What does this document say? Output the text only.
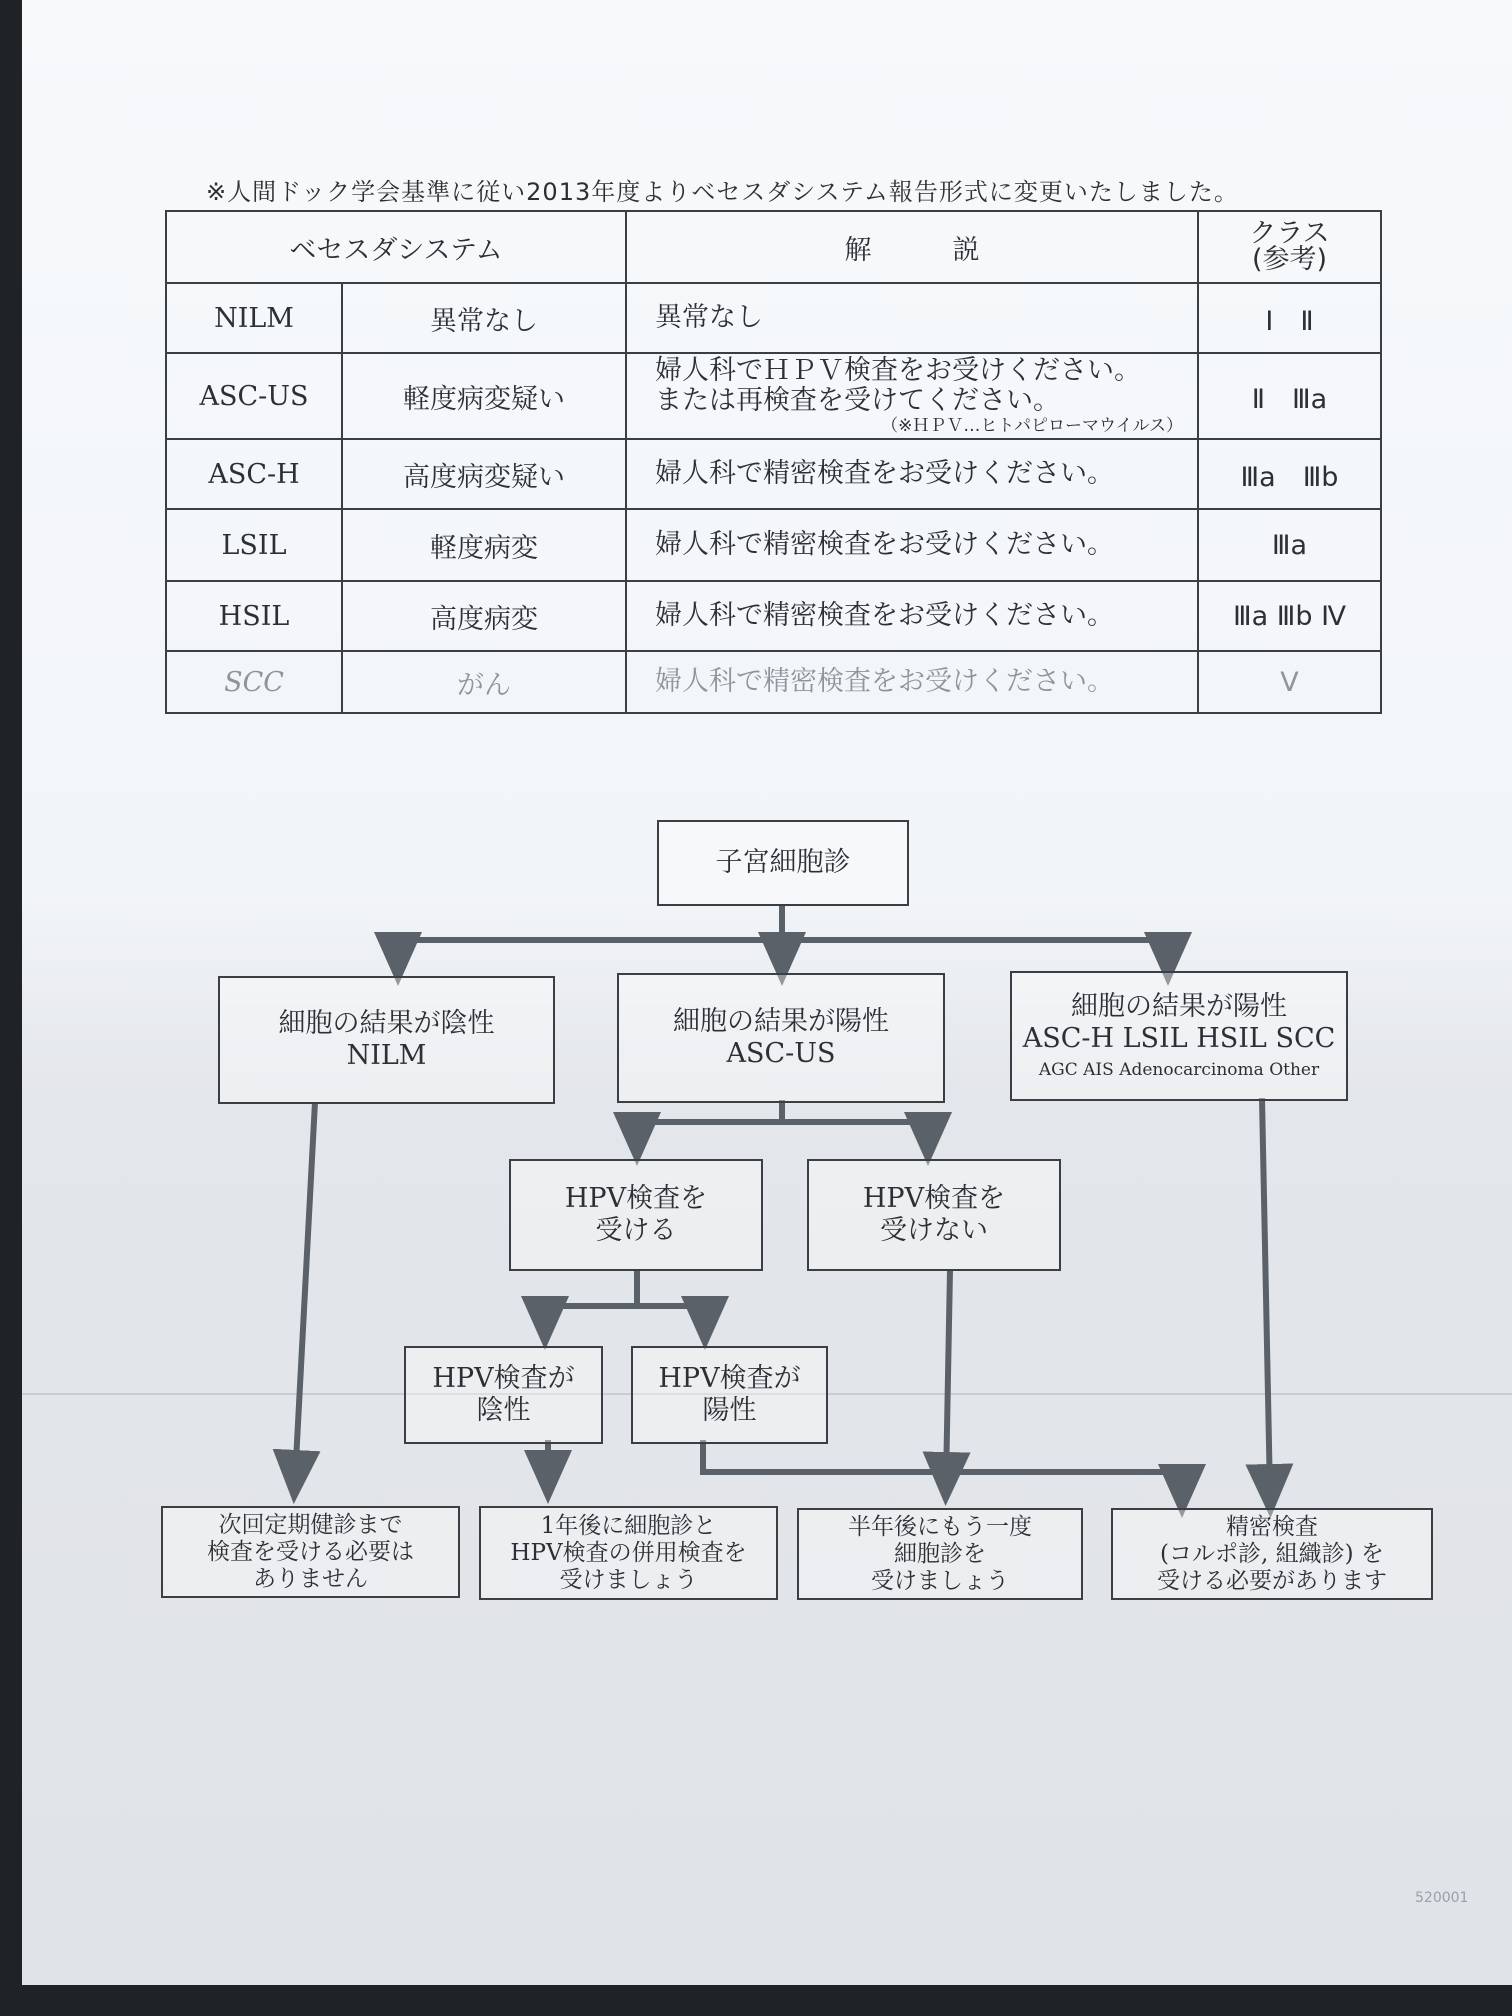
※人間ドック学会基準に従い2013年度よりベセスダシステム報告形式に変更いたしました。
ベセスダシステム		解　　　説	クラス
(参考)
NILM	異常なし	異常なし	Ⅰ　Ⅱ
ASC-US	軽度病変疑い	婦人科でＨＰＶ検査をお受けください。
または再検査を受けてください。
（※ＨＰＶ…ヒトパピローマウイルス）	Ⅱ　Ⅲa
ASC-H	高度病変疑い	婦人科で精密検査をお受けください。	Ⅲa　Ⅲb
LSIL	軽度病変	婦人科で精密検査をお受けください。	Ⅲa
HSIL	高度病変	婦人科で精密検査をお受けください。	Ⅲa Ⅲb Ⅳ
SCC	がん	婦人科で精密検査をお受けください。	Ⅴ
子宮細胞診
細胞の結果が陰性
NILM
細胞の結果が陽性
ASC-US
細胞の結果が陽性
ASC-H LSIL HSIL SCC
AGC AIS Adenocarcinoma Other
HPV検査を
受ける
HPV検査を
受けない
HPV検査が
陰性
HPV検査が
陽性
次回定期健診まで
検査を受ける必要は
ありません
1年後に細胞診と
HPV検査の併用検査を
受けましょう
半年後にもう一度
細胞診を
受けましょう
精密検査
(コルポ診, 組織診) を
受ける必要があります
520001
